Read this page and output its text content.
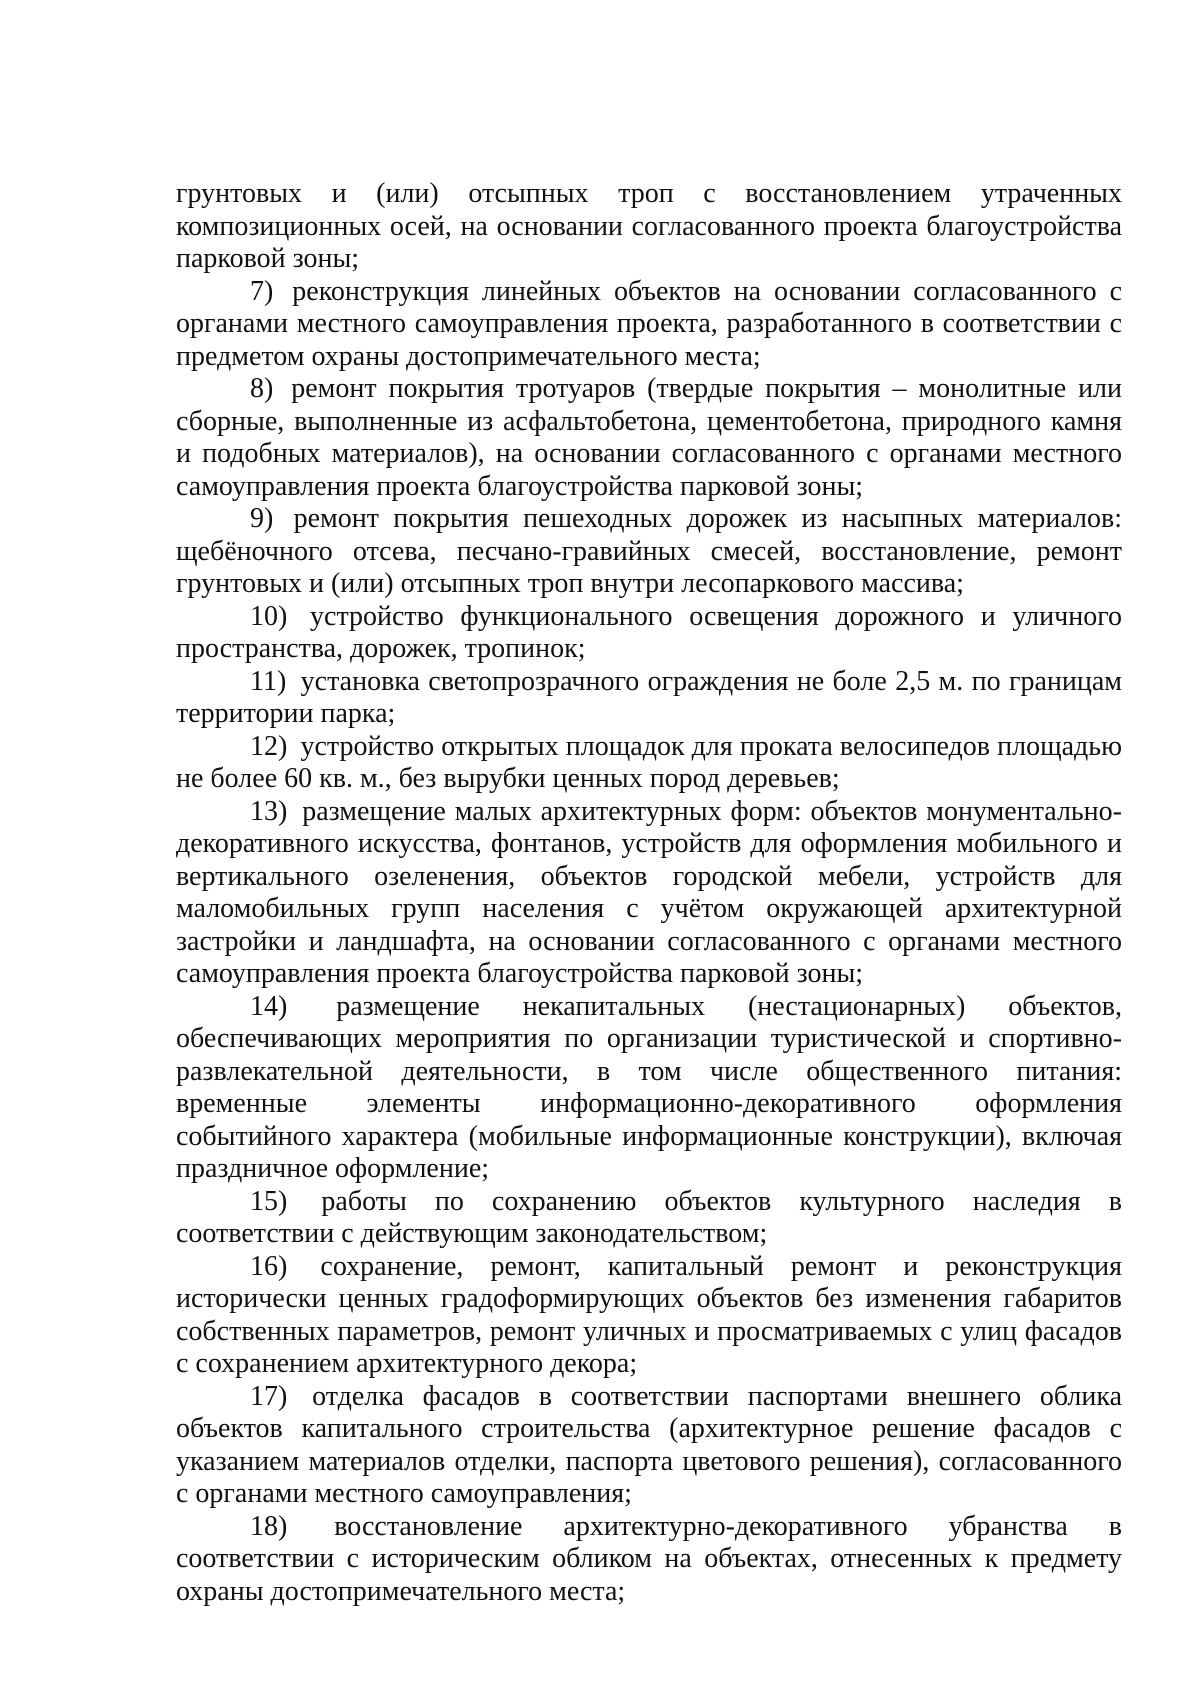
грунтовых и (или) отсыпных троп с восстановлением утраченных композиционных осей, на основании согласованного проекта благоустройства парковой зоны;

7) реконструкция линейных объектов на основании согласованного с органами местного самоуправления проекта, разработанного в соответствии с предметом охраны достопримечательного места;

8) ремонт покрытия тротуаров (твердые покрытия – монолитные или сборные, выполненные из асфальтобетона, цементобетона, природного камня и подобных материалов), на основании согласованного с органами местного самоуправления проекта благоустройства парковой зоны;

9) ремонт покрытия пешеходных дорожек из насыпных материалов: щебёночного отсева, песчано-гравийных смесей, восстановление, ремонт грунтовых и (или) отсыпных троп внутри лесопаркового массива;

10) устройство функционального освещения дорожного и уличного пространства, дорожек, тропинок;

11) установка светопрозрачного ограждения не боле 2,5 м. по границам территории парка;

12) устройство открытых площадок для проката велосипедов площадью не более 60 кв. м., без вырубки ценных пород деревьев;

13) размещение малых архитектурных форм: объектов монументально-декоративного искусства, фонтанов, устройств для оформления мобильного и вертикального озеленения, объектов городской мебели, устройств для маломобильных групп населения с учётом окружающей архитектурной застройки и ландшафта, на основании согласованного с органами местного самоуправления проекта благоустройства парковой зоны;

14) размещение некапитальных (нестационарных) объектов, обеспечивающих мероприятия по организации туристической и спортивно-развлекательной деятельности, в том числе общественного питания: временные элементы информационно-декоративного оформления событийного характера (мобильные информационные конструкции), включая праздничное оформление;

15) работы по сохранению объектов культурного наследия в соответствии с действующим законодательством;

16) сохранение, ремонт, капитальный ремонт и реконструкция исторически ценных градоформирующих объектов без изменения габаритов собственных параметров, ремонт уличных и просматриваемых с улиц фасадов с сохранением архитектурного декора;

17) отделка фасадов в соответствии паспортами внешнего облика объектов капитального строительства (архитектурное решение фасадов с указанием материалов отделки, паспорта цветового решения), согласованного с органами местного самоуправления;

18) восстановление архитектурно-декоративного убранства в соответствии с историческим обликом на объектах, отнесенных к предмету охраны достопримечательного места;
